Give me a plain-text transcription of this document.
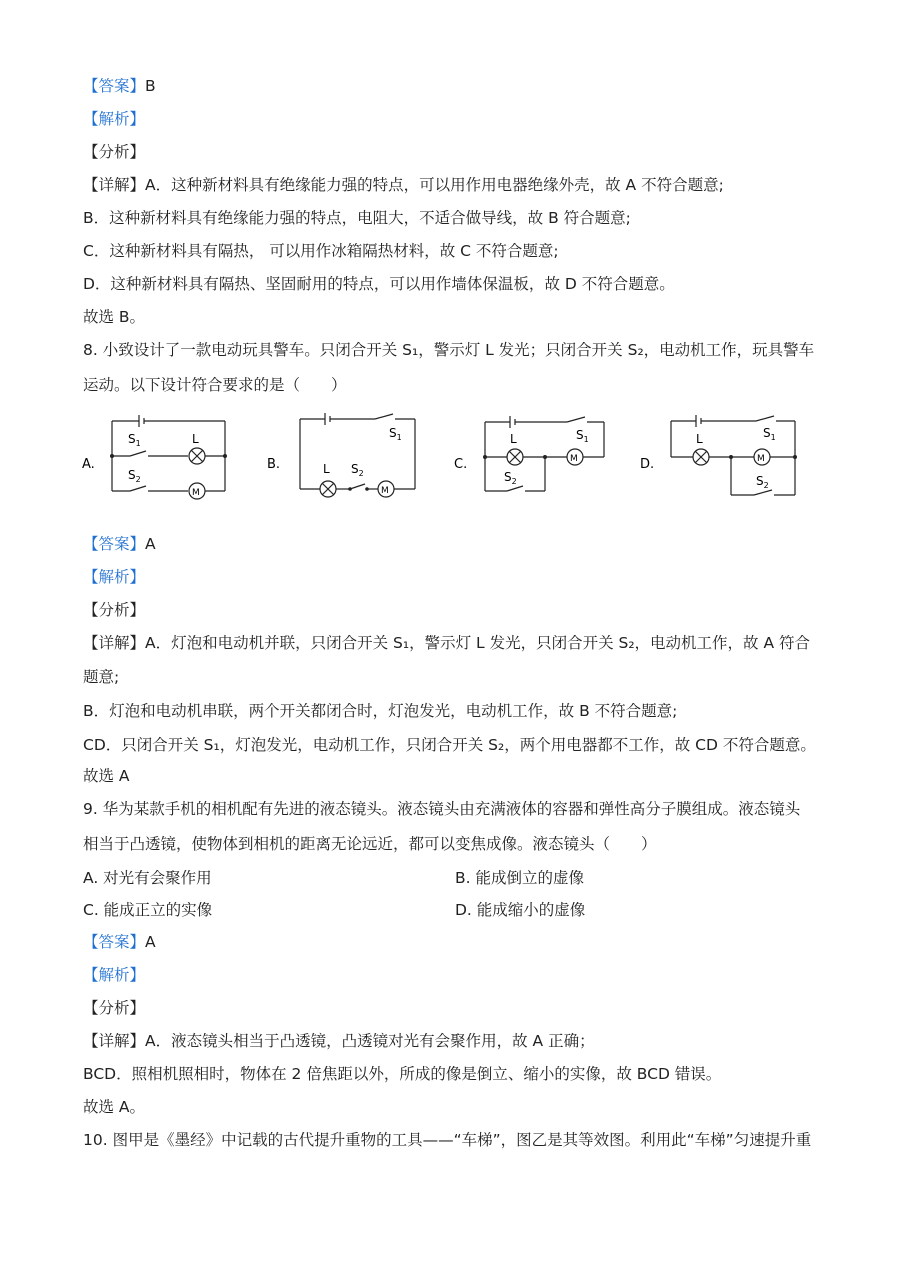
【答案】B
【解析】
【分析】
【详解】A．这种新材料具有绝缘能力强的特点，可以用作用电器绝缘外壳，故 A 不符合题意;
B．这种新材料具有绝缘能力强的特点，电阻大，不适合做导线，故 B 符合题意;
C．这种新材料具有隔热， 可以用作冰箱隔热材料，故 C 不符合题意;
D．这种新材料具有隔热、坚固耐用的特点，可以用作墙体保温板，故 D 不符合题意。
故选 B。
8. 小致设计了一款电动玩具警车。只闭合开关 S₁，警示灯 L 发光；只闭合开关 S₂，电动机工作，玩具警车
运动。以下设计符合要求的是（　　）
A.
M
$S_1$	L
$S_2$
B.
M
$S_1$
L $S_2$
C.	M
$S_1$
L
$S_2$
D.	M
$S_1$
L
$S_2$
【答案】A
【解析】
【分析】
【详解】A．灯泡和电动机并联，只闭合开关 S₁，警示灯 L 发光，只闭合开关 S₂，电动机工作，故 A 符合
题意;
B．灯泡和电动机串联，两个开关都闭合时，灯泡发光，电动机工作，故 B 不符合题意;
CD．只闭合开关 S₁，灯泡发光，电动机工作，只闭合开关 S₂，两个用电器都不工作，故 CD 不符合题意。
故选 A
9. 华为某款手机的相机配有先进的液态镜头。液态镜头由充满液体的容器和弹性高分子膜组成。液态镜头
相当于凸透镜，使物体到相机的距离无论远近，都可以变焦成像。液态镜头（　　）
A. 对光有会聚作用	B. 能成倒立的虚像
C. 能成正立的实像	D. 能成缩小的虚像
【答案】A
【解析】
【分析】
【详解】A．液态镜头相当于凸透镜，凸透镜对光有会聚作用，故 A 正确；
BCD．照相机照相时，物体在 2 倍焦距以外，所成的像是倒立、缩小的实像，故 BCD 错误。
故选 A。
10. 图甲是《墨经》中记载的古代提升重物的工具——“车梯”，图乙是其等效图。利用此“车梯”匀速提升重
